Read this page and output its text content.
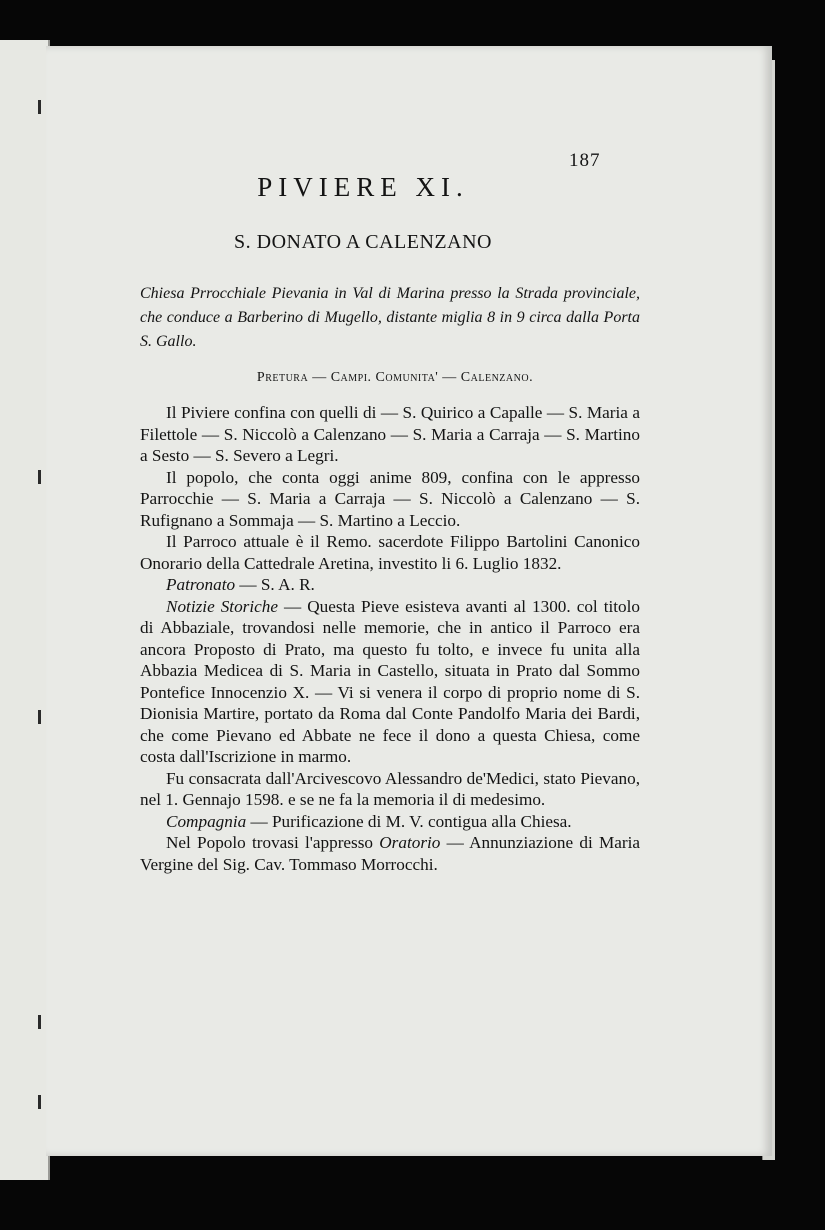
187
PIVIERE XI.
S. DONATO A CALENZANO
Chiesa Prrocchiale Pievania in Val di Marina presso la Strada provinciale, che conduce a Barberino di Mugello, distante miglia 8 in 9 circa dalla Porta S. Gallo.
Pretura — Campi. Comunita' — Calenzano.

Il Piviere confina con quelli di — S. Quirico a Capalle — S. Maria a Filettole — S. Niccolò a Calenzano — S. Maria a Carraja — S. Martino a Sesto — S. Severo a Legri.

Il popolo, che conta oggi anime 809, confina con le appresso Parrocchie — S. Maria a Carraja — S. Niccolò a Calenzano — S. Rufignano a Sommaja — S. Martino a Leccio.

Il Parroco attuale è il Remo. sacerdote Filippo Bartolini Canonico Onorario della Cattedrale Aretina, investito li 6. Luglio 1832.

Patronato — S. A. R.

Notizie Storiche — Questa Pieve esisteva avanti al 1300. col titolo di Abbaziale, trovandosi nelle memorie, che in antico il Parroco era ancora Proposto di Prato, ma questo fu tolto, e invece fu unita alla Abbazia Medicea di S. Maria in Castello, situata in Prato dal Sommo Pontefice Innocenzio X. — Vi si venera il corpo di proprio nome di S. Dionisia Martire, portato da Roma dal Conte Pandolfo Maria dei Bardi, che come Pievano ed Abbate ne fece il dono a questa Chiesa, come costa dall'Iscrizione in marmo.

Fu consacrata dall'Arcivescovo Alessandro de'Medici, stato Pievano, nel 1. Gennajo 1598. e se ne fa la memoria il di medesimo.

Compagnia — Purificazione di M. V. contigua alla Chiesa.

Nel Popolo trovasi l'appresso Oratorio — Annunziazione di Maria Vergine del Sig. Cav. Tommaso Morrocchi.
